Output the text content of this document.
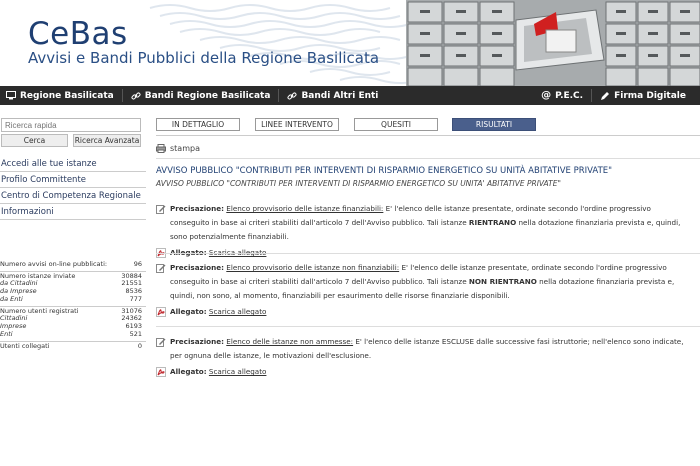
CeBas
Avvisi e Bandi Pubblici della Regione Basilicata
Regione Basilicata	Bandi Regione Basilicata	Bandi Altri Enti	@ P.E.C.	Firma Digitale
Ricerca rapida
Cerca	Ricerca Avanzata
Accedi alle tue istanze
Profilo Committente
Centro di Competenza Regionale
Informazioni
Numero avvisi on-line pubblicati:	96
Numero istanze inviate	30884
da Cittadini	21551
da Imprese	8536
da Enti	777
Numero utenti registrati	31076
Cittadini	24362
Imprese	6193
Enti	521
Utenti collegati	0
IN DETTAGLIO	LINEE INTERVENTO	QUESITI	RISULTATI
stampa
AVVISO PUBBLICO "CONTRIBUTI PER INTERVENTI DI RISPARMIO ENERGETICO SU UNITÀ ABITATIVE PRIVATE"
AVVISO PUBBLICO "CONTRIBUTI PER INTERVENTI DI RISPARMIO ENERGETICO SU UNITA' ABITATIVE PRIVATE"
Precisazione: Elenco provvisorio delle istanze finanziabili: E' l'elenco delle istanze presentate, ordinate secondo l'ordine progressivo conseguito in base ai criteri stabiliti dall'articolo 7 dell'Avviso pubblico. Tali istanze RIENTRANO nella dotazione finanziaria prevista e, quindi, sono potenzialmente finanziabili.

Precisazione: Elenco provvisorio delle istanze non finanziabili: E' l'elenco delle istanze presentate, ordinate secondo l'ordine progressivo conseguito in base ai criteri stabiliti dall'articolo 7 dell'Avviso pubblico. Tali istanze NON RIENTRANO nella dotazione finanziaria prevista e, quindi, non sono, al momento, finanziabili per esaurimento delle risorse finanziarie disponibili.
Allegato:
Scarica allegato
Precisazione: Elenco delle istanze non ammesse: E' l'elenco delle istanze ESCLUSE dalle successive fasi istruttorie; nell'elenco sono indicate, per ognuna delle istanze, le motivazioni dell'esclusione.
Allegato:
Scarica allegato
